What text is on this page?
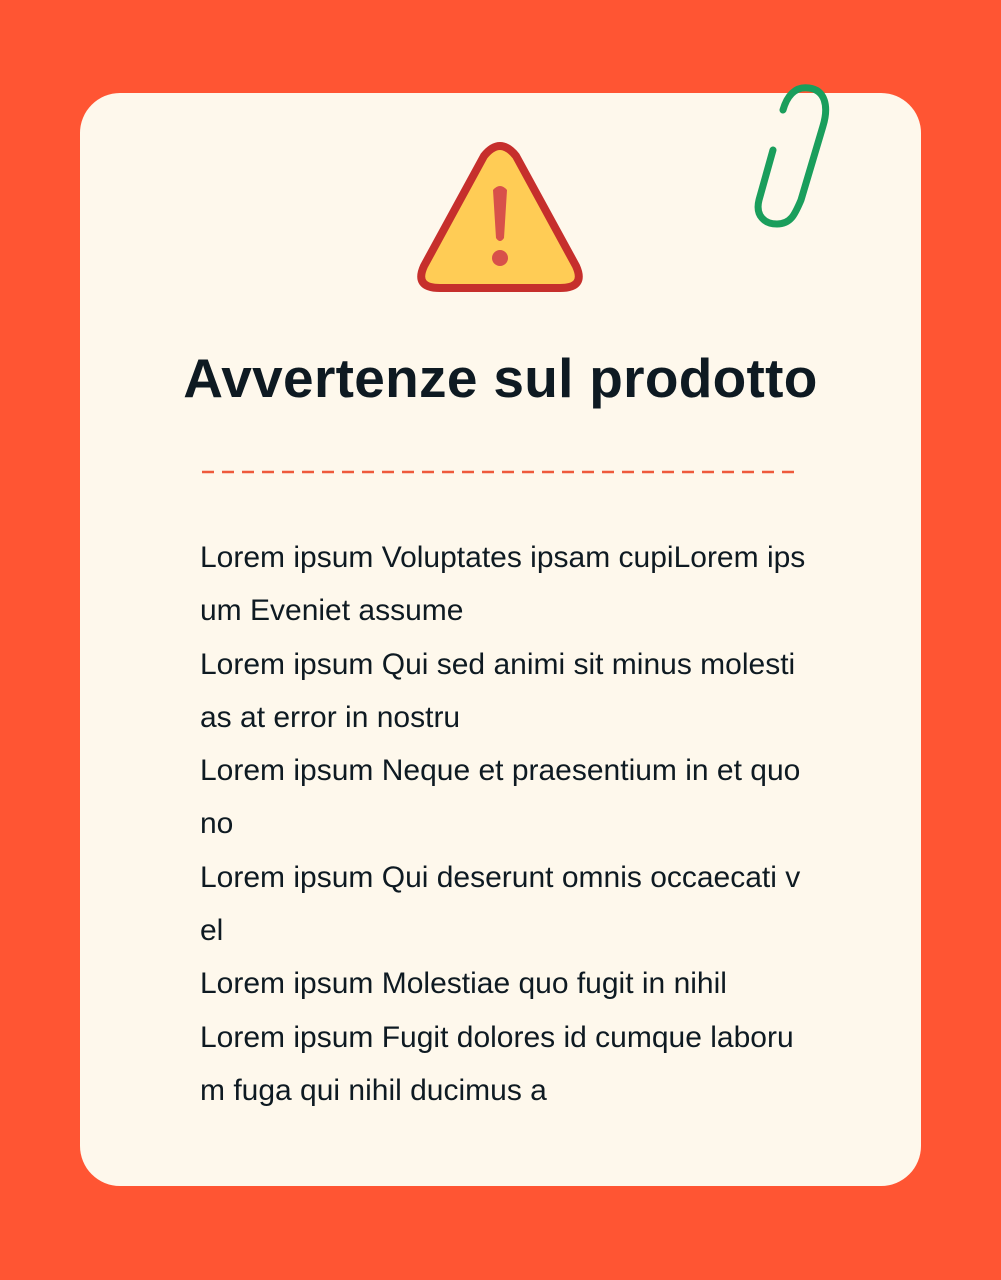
Avvertenze sul prodotto

Lorem ipsum Voluptates ipsam cupiLorem ipsum Eveniet assume

Lorem ipsum Qui sed animi sit minus molestias at error in nostru

Lorem ipsum Neque et praesentium in et quo no

Lorem ipsum Qui deserunt omnis occaecati vel

Lorem ipsum Molestiae quo fugit in nihil

Lorem ipsum Fugit dolores id cumque laborum fuga qui nihil ducimus a
